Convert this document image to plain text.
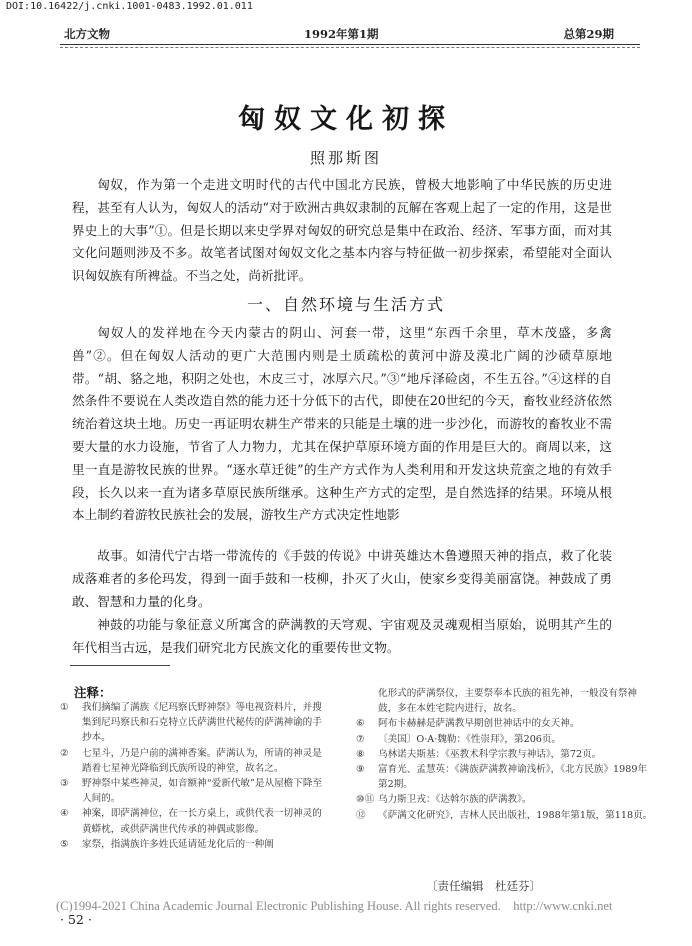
DOI:10.16422/j.cnki.1001-0483.1992.01.011
北方文物	1992年第1期	总第29期
匈奴文化初探
照那斯图

匈奴，作为第一个走进文明时代的古代中国北方民族，曾极大地影响了中华民族的历史进程，甚至有人认为，匈奴人的活动“对于欧洲古典奴隶制的瓦解在客观上起了一定的作用，这是世界史上的大事”①。但是长期以来史学界对匈奴的研究总是集中在政治、经济、军事方面，而对其文化问题则涉及不多。故笔者试图对匈奴文化之基本内容与特征做一初步探索，希望能对全面认识匈奴族有所裨益。不当之处，尚祈批评。

一、自然环境与生活方式

匈奴人的发祥地在今天内蒙古的阴山、河套一带，这里“东西千余里，草木茂盛，多禽兽”②。但在匈奴人活动的更广大范围内则是土质疏松的黄河中游及漠北广阔的沙碛草原地带。“胡、貉之地，积阴之处也，木皮三寸，冰厚六尺。”③“地斥泽硷卤，不生五谷。”④这样的自然条件不要说在人类改造自然的能力还十分低下的古代，即使在20世纪的今天，畜牧业经济依然统治着这块土地。历史一再证明农耕生产带来的只能是土壤的进一步沙化，而游牧的畜牧业不需要大量的水力设施，节省了人力物力，尤其在保护草原环境方面的作用是巨大的。商周以来，这里一直是游牧民族的世界。“逐水草迁徙”的生产方式作为人类利用和开发这块荒蛮之地的有效手段，长久以来一直为诸多草原民族所继承。这种生产方式的定型，是自然选择的结果。环境从根本上制约着游牧民族社会的发展，游牧生产方式决定性地影

故事。如清代宁古塔一带流传的《手鼓的传说》中讲英雄达木鲁遵照天神的指点，救了化装成落难者的多伦玛发，得到一面手鼓和一枝柳，扑灭了火山，使家乡变得美丽富饶。神鼓成了勇敢、智慧和力量的化身。

神鼓的功能与象征意义所寓含的萨满教的天穹观、宇宙观及灵魂观相当原始，说明其产生的年代相当古远，是我们研究北方民族文化的重要传世文物。

注释：
①	我们摘编了满族《尼玛察氏野神祭》等电视资料片，并搜集到尼玛察氏和石克特立氏萨满世代秘传的萨满神谕的手抄本。
②	七星斗，乃是户前的满神香案。萨满认为，所请的神灵是踏着七星神光降临到氏族所设的神堂，故名之。
③	野神祭中某些神灵，如音额神“爱新代敏”是从屋檐下降至人间的。
④	神案，即萨满神位，在一长方桌上，或供代表一切神灵的黄蟒枕，或供萨满世代传承的神偶或影像。
⑤	家祭，指满族许多姓氏延请延龙化后的一种阐
化形式的萨满祭仪，主要祭奉本氏族的祖先神，一般没有祭神鼓，多在本姓宅院内进行，故名。
⑥	阿布卡赫赫是萨满教早期创世神话中的女天神。
⑦	〔美国〕O·A·魏勒：《性崇拜》，第206页。
⑧	乌林诺夫斯基：《巫教术科学宗教与神话》，第72页。
⑨	富育光、孟慧英：《满族萨满教神谕浅析》，《北方民族》1989年第2期。
⑩⑪ 乌力斯卫戎：《达斡尔族的萨满教》。
⑫	《萨满文化研究》，吉林人民出版社，1988年第1版，第118页。
〔责任编辑　杜廷芬〕
(C)1994-2021 China Academic Journal Electronic Publishing House. All rights reserved.　http://www.cnki.net
· 52 ·
